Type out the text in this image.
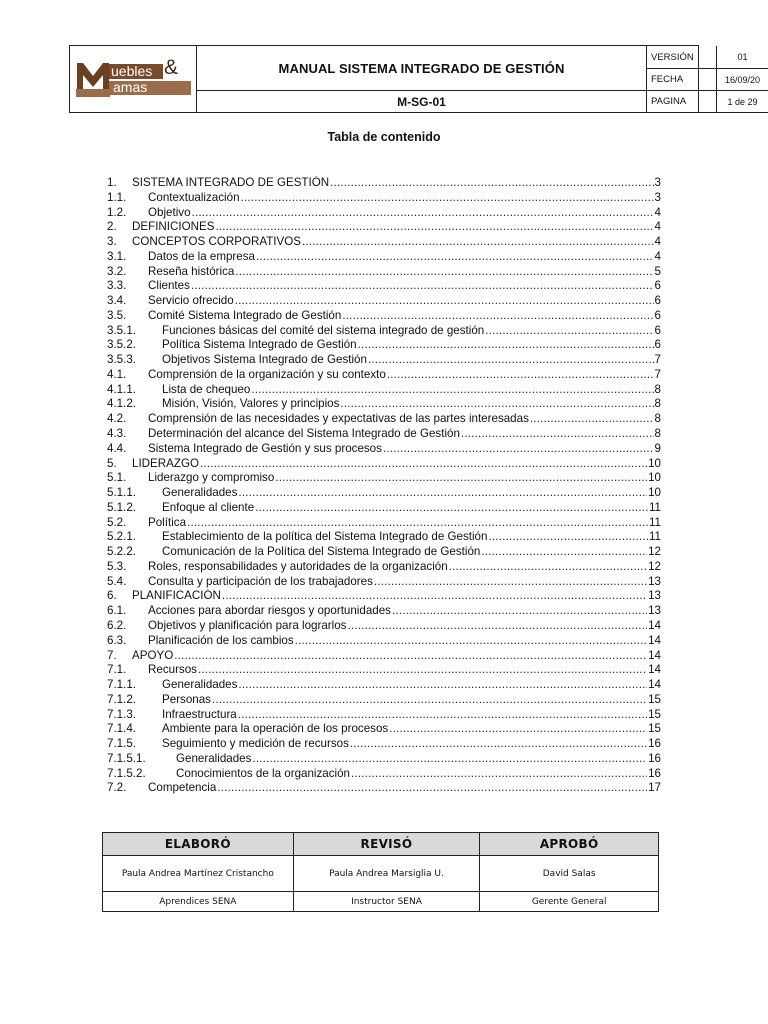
uebles &
amas
MANUAL SISTEMA INTEGRADO DE GESTIÓN
M-SG-01
VERSIÓN	01
FECHA	16/09/20
PAGINA	1 de 29
Tabla de contenido
1.	SISTEMA INTEGRADO DE GESTIÓN .....	3
1.1.	Contextualización .....	3
1.2.	Objetivo .....	4
2.	DEFINICIONES .....	4
3.	CONCEPTOS CORPORATIVOS .....	4
3.1.	Datos de la empresa .....	4
3.2.	Reseña histórica .....	5
3.3.	Clientes .....	6
3.4.	Servicio ofrecido .....	6
3.5.	Comité Sistema Integrado de Gestión .....	6
3.5.1.	Funciones básicas del comité del sistema integrado de gestión .....	6
3.5.2.	Política Sistema Integrado de Gestión .....	6
3.5.3.	Objetivos Sistema Integrado de Gestión .....	7
4.1.	Comprensión de la organización y su contexto .....	7
4.1.1.	Lista de chequeo .....	8
4.1.2.	Misión, Visión, Valores y principios .....	8
4.2.	Comprensión de las necesidades y expectativas de las partes interesadas .....	8
4.3.	Determinación del alcance del Sistema Integrado de Gestión .....	8
4.4.	Sistema Integrado de Gestión y sus procesos .....	9
5.	LIDERAZGO .....	10
5.1.	Liderazgo y compromiso .....	10
5.1.1.	Generalidades .....	10
5.1.2.	Enfoque al cliente .....	11
5.2.	Política .....	11
5.2.1.	Establecimiento de la política del Sistema Integrado de Gestión .....	11
5.2.2.	Comunicación de la Política del Sistema Integrado de Gestión .....	12
5.3.	Roles, responsabilidades y autoridades de la organización .....	12
5.4.	Consulta y participación de los trabajadores .....	13
6.	PLANIFICACIÓN .....	13
6.1.	Acciones para abordar riesgos y oportunidades .....	13
6.2.	Objetivos y planificación para lograrlos .....	14
6.3.	Planificación de los cambios .....	14
7.	APOYO .....	14
7.1.	Recursos .....	14
7.1.1.	Generalidades .....	14
7.1.2.	Personas .....	15
7.1.3.	Infraestructura .....	15
7.1.4.	Ambiente para la operación de los procesos .....	15
7.1.5.	Seguimiento y medición de recursos .....	16
7.1.5.1.	Generalidades .....	16
7.1.5.2.	Conocimientos de la organización .....	16
7.2.	Competencia .....	17
ELABORÓ	REVISÓ	APROBÓ
Paula Andrea Martínez Cristancho	Paula Andrea Marsiglia U.	David Salas
Aprendices SENA	Instructor SENA	Gerente General
